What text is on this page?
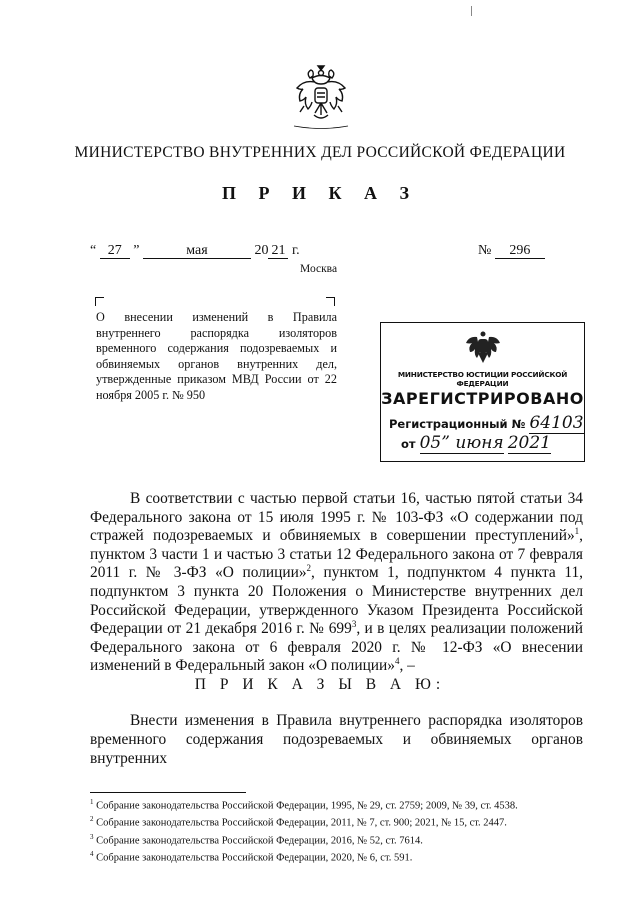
МИНИСТЕРСТВО ВНУТРЕННИХ ДЕЛ РОССИЙСКОЙ ФЕДЕРАЦИИ
П Р И К А З
“ 27 ”	мая	20 21 г.	№ 296
Москва
О внесении изменений в Правила внутреннего распорядка изоляторов временного содержания подозреваемых и обвиняемых органов внутренних дел, утвержденные приказом МВД России от 22 ноября 2005 г. № 950
МИНИСТЕРСТВО ЮСТИЦИИ РОССИЙСКОЙ ФЕДЕРАЦИИ
ЗАРЕГИСТРИРОВАНО
Регистрационный № 64103
от 05” июня 2021

В соответствии с частью первой статьи 16, частью пятой статьи 34 Федерального закона от 15 июля 1995 г. № 103-ФЗ «О содержании под стражей подозреваемых и обвиняемых в совершении преступлений»$^1$, пунктом 3 части 1 и частью 3 статьи 12 Федерального закона от 7 февраля 2011 г. № 3-ФЗ «О полиции»$^2$, пунктом 1, подпунктом 4 пункта 11, подпунктом 3 пункта 20 Положения о Министерстве внутренних дел Российской Федерации, утвержденного Указом Президента Российской Федерации от 21 декабря 2016 г. № $699^3$, и в целях реализации положений Федерального закона от 6 февраля 2020 г. № 12-ФЗ «О внесении изменений в Федеральный закон «О полиции»$^4$, –

П Р И К А З Ы В А Ю:

Внести изменения в Правила внутреннего распорядка изоляторов временного содержания подозреваемых и обвиняемых органов внутренних

$^1$ Собрание законодательства Российской Федерации, 1995, № 29, ст. 2759; 2009, № 39, ст. 4538.
$^2$ Собрание законодательства Российской Федерации, 2011, № 7, ст. 900; 2021, № 15, ст. 2447.
$^3$ Собрание законодательства Российской Федерации, 2016, № 52, ст. 7614.
$^4$ Собрание законодательства Российской Федерации, 2020, № 6, ст. 591.
